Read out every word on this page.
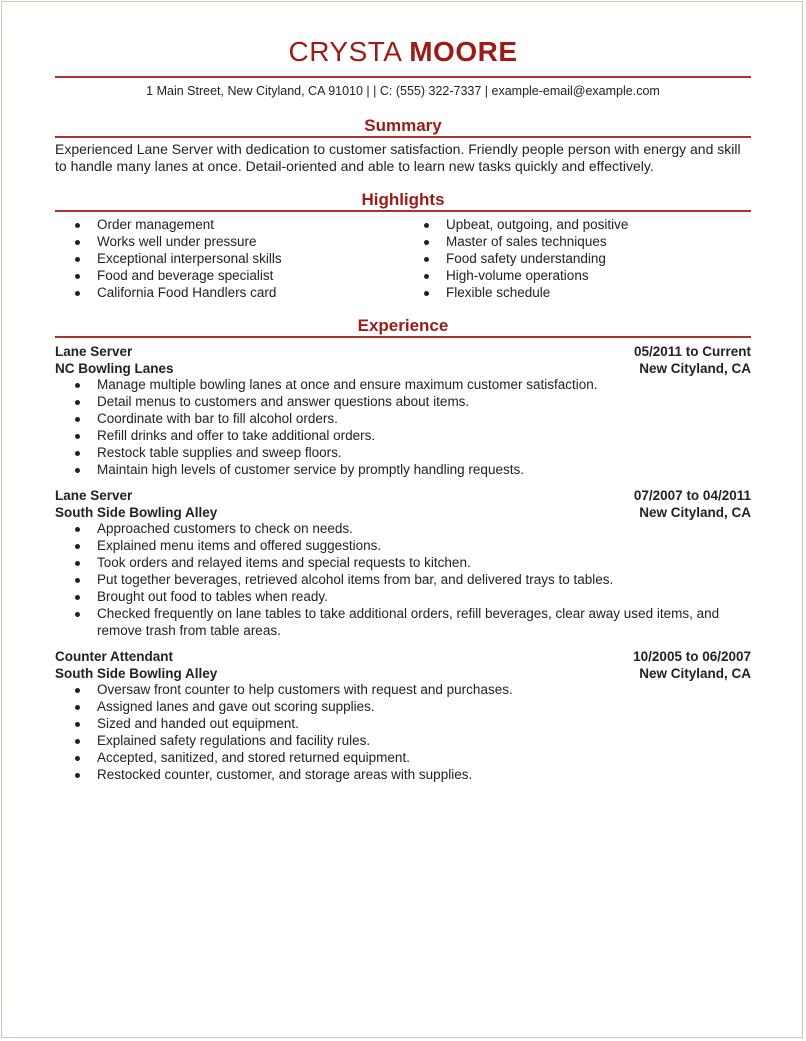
CRYSTA MOORE
1 Main Street, New Cityland, CA 91010 | | C: (555) 322-7337 | example-email@example.com
Summary
Experienced Lane Server with dedication to customer satisfaction. Friendly people person with energy and skill to handle many lanes at once. Detail-oriented and able to learn new tasks quickly and effectively.
Highlights
Order management
Works well under pressure
Exceptional interpersonal skills
Food and beverage specialist
California Food Handlers card
Upbeat, outgoing, and positive
Master of sales techniques
Food safety understanding
High-volume operations
Flexible schedule
Experience
Lane Server	05/2011 to Current
NC Bowling Lanes	New Cityland, CA
Manage multiple bowling lanes at once and ensure maximum customer satisfaction.
Detail menus to customers and answer questions about items.
Coordinate with bar to fill alcohol orders.
Refill drinks and offer to take additional orders.
Restock table supplies and sweep floors.
Maintain high levels of customer service by promptly handling requests.
Lane Server	07/2007 to 04/2011
South Side Bowling Alley	New Cityland, CA
Approached customers to check on needs.
Explained menu items and offered suggestions.
Took orders and relayed items and special requests to kitchen.
Put together beverages, retrieved alcohol items from bar, and delivered trays to tables.
Brought out food to tables when ready.
Checked frequently on lane tables to take additional orders, refill beverages, clear away used items, and remove trash from table areas.
Counter Attendant	10/2005 to 06/2007
South Side Bowling Alley	New Cityland, CA
Oversaw front counter to help customers with request and purchases.
Assigned lanes and gave out scoring supplies.
Sized and handed out equipment.
Explained safety regulations and facility rules.
Accepted, sanitized, and stored returned equipment.
Restocked counter, customer, and storage areas with supplies.
